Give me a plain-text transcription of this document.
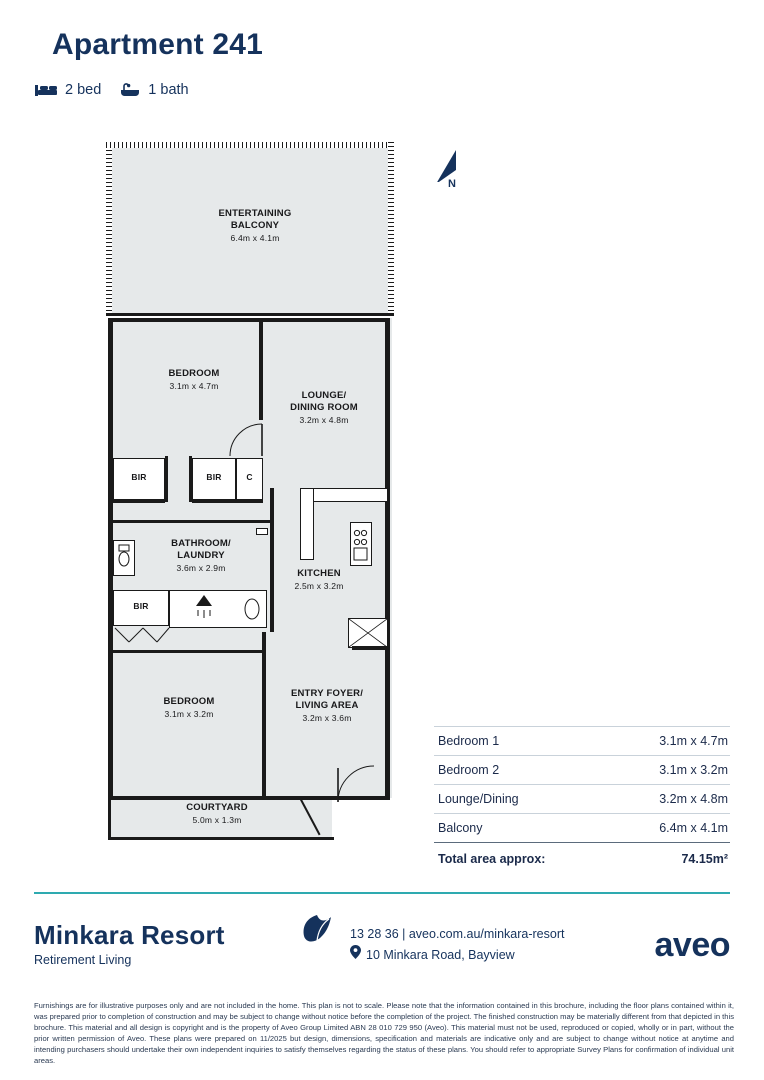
Apartment 241
2 bed	1 bath
N
ENTERTAINING
BALCONY
6.4m x 4.1m
BEDROOM
3.1m x 4.7m
LOUNGE/
DINING ROOM
3.2m x 4.8m
BIR	BIR	C
BATHROOM/
LAUNDRY
3.6m x 2.9m
BIR
KITCHEN
2.5m x 3.2m
BEDROOM
3.1m x 3.2m
ENTRY FOYER/
LIVING AREA
3.2m x 3.6m
COURTYARD
5.0m x 1.3m
Bedroom 1	3.1m x 4.7m
Bedroom 2	3.1m x 3.2m
Lounge/Dining	3.2m x 4.8m
Balcony	6.4m x 4.1m
Total area approx:	74.15m²
Minkara Resort
Retirement Living
13 28 36 | aveo.com.au/minkara-resort
10 Minkara Road, Bayview	aveo
Furnishings are for illustrative purposes only and are not included in the home. This plan is not to scale. Please note that the information contained in this brochure, including the floor plans contained within it, was prepared prior to completion of construction and may be subject to change without notice before the completion of the project. The finished construction may be materially different from that depicted in this brochure. This material and all design is copyright and is the property of Aveo Group Limited ABN 28 010 729 950 (Aveo). This material must not be used, reproduced or copied, wholly or in part, without the prior written permission of Aveo. These plans were prepared on 11/2025 but design, dimensions, specification and materials are indicative only and are subject to change without notice at anytime and intending purchasers should undertake their own independent inquiries to satisfy themselves regarding the status of these plans. You should refer to appropriate Survey Plans for confirmation of individual unit areas.
